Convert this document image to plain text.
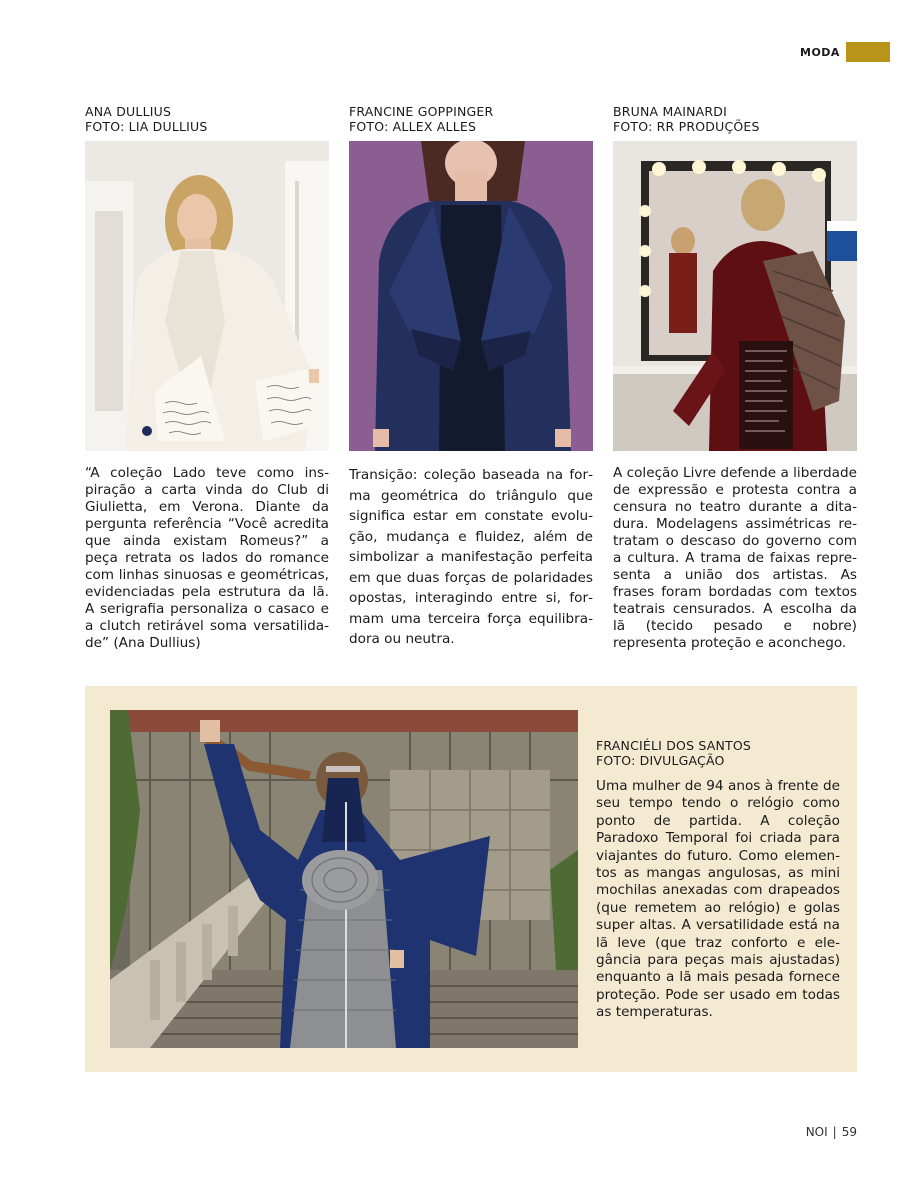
MODA
ANA DULLIUS
FOTO: LIA DULLIUS
“A coleção Lado teve como inspiração a carta vinda do Club di Giulietta, em Verona. Diante da pergunta referência “Você acredita que ainda existam Romeus?” a peça retrata os lados do romance com linhas sinuosas e geométricas, evidenciadas pela estrutura da lã. A serigrafia personaliza o casaco e a clutch retirável soma versatilidade” (Ana Dullius)
FRANCINE GOPPINGER
FOTO: ALLEX ALLES
Transição: coleção baseada na forma geométrica do triângulo que significa estar em constate evolução, mudança e fluidez, além de simbolizar a manifestação perfeita em que duas forças de polaridades opostas, interagindo entre si, formam uma terceira força equilibradora ou neutra.
BRUNA MAINARDI
FOTO: RR PRODUÇÕES
A coleção Livre defende a liberdade de expressão e protesta contra a censura no teatro durante a ditadura. Modelagens assimétricas retratam o descaso do governo com a cultura. A trama de faixas representa a união dos artistas. As frases foram bordadas com textos teatrais censurados. A escolha da lã (tecido pesado e nobre) representa proteção e aconchego.
FRANCIÉLI DOS SANTOS
FOTO: DIVULGAÇÃO
Uma mulher de 94 anos à frente de seu tempo tendo o relógio como ponto de partida. A coleção Paradoxo Temporal foi criada para viajantes do futuro. Como elementos as mangas angulosas, as mini mochilas anexadas com drapeados (que remetem ao relógio) e golas super altas. A versatilidade está na lã leve (que traz conforto e elegância para peças mais ajustadas) enquanto a lã mais pesada fornece proteção. Pode ser usado em todas as temperaturas.
NOI | 59
